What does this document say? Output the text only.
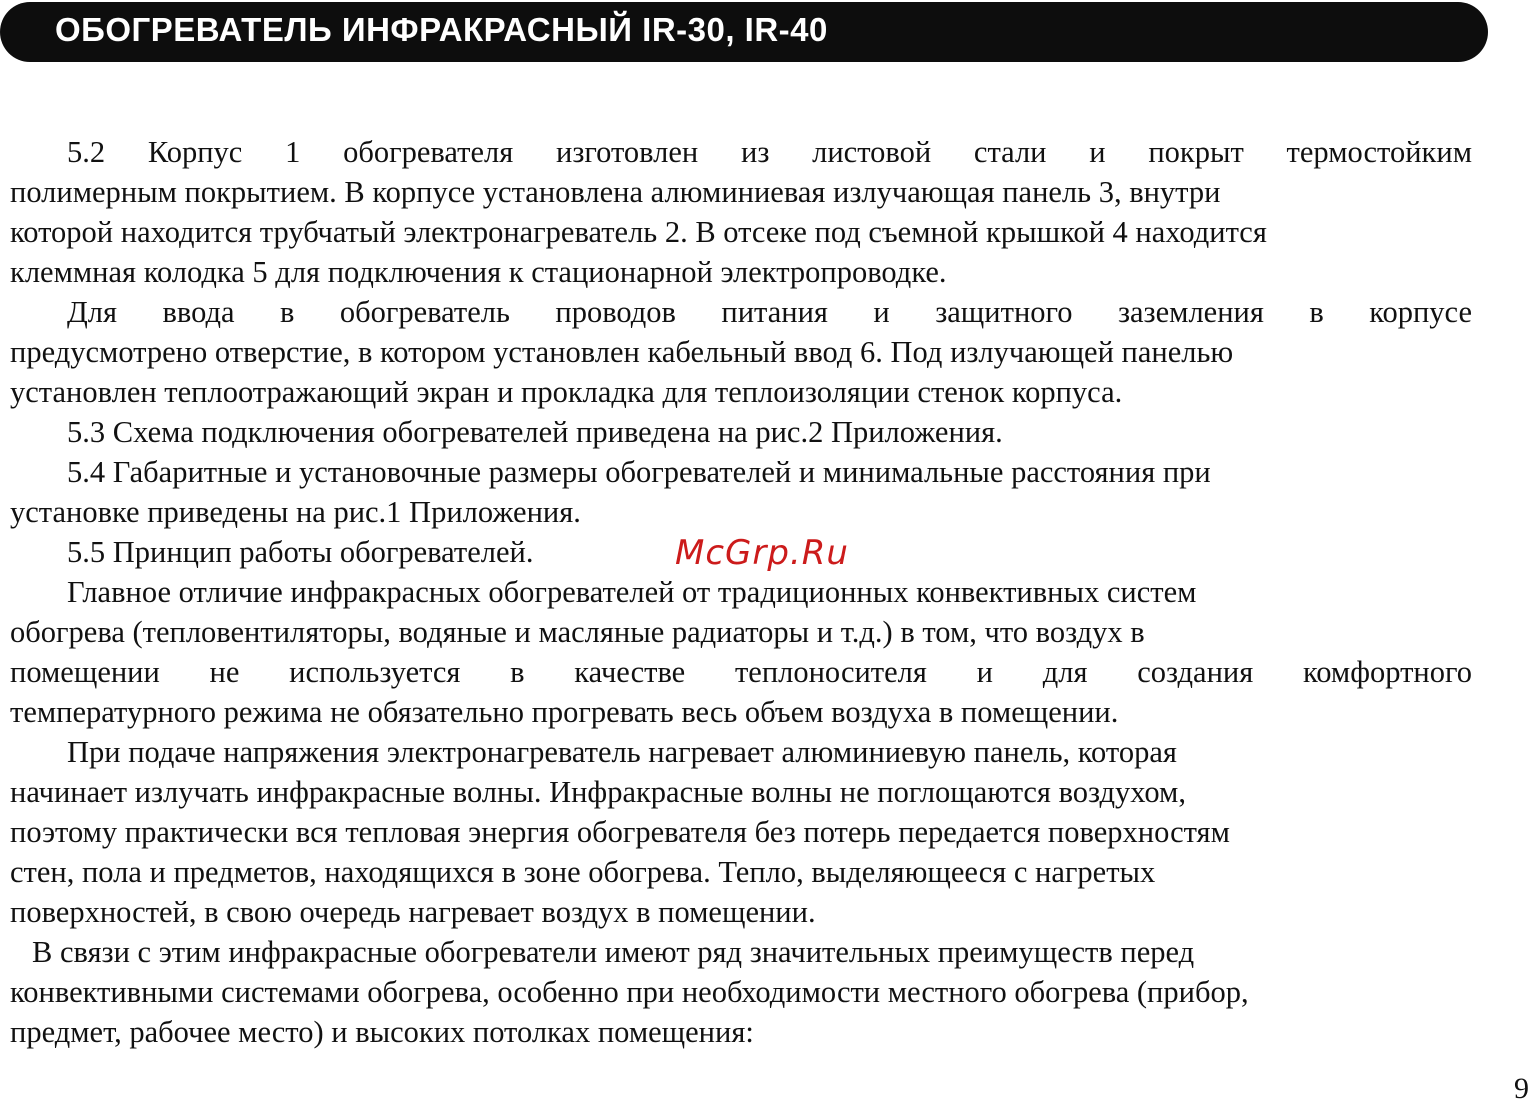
ОБОГРЕВАТЕЛЬ ИНФРАКРАСНЫЙ IR-30, IR-40
5.2 Корпус 1 обогревателя изготовлен из листовой стали и покрыт термостойким
полимерным покрытием. В корпусе установлена алюминиевая излучающая панель 3, внутри
которой находится трубчатый электронагреватель 2. В отсеке под съемной крышкой 4 находится
клеммная колодка 5 для подключения к стационарной электропроводке.
Для ввода в обогреватель проводов питания и защитного заземления в корпусе
предусмотрено отверстие, в котором установлен кабельный ввод 6. Под излучающей панелью
установлен теплоотражающий экран и прокладка для теплоизоляции стенок корпуса.
5.3 Схема подключения обогревателей приведена на рис.2 Приложения.
5.4 Габаритные и установочные размеры обогревателей и минимальные расстояния при
установке приведены на рис.1 Приложения.
5.5 Принцип работы обогревателей.
Главное отличие инфракрасных обогревателей от традиционных конвективных систем
обогрева (тепловентиляторы, водяные и масляные радиаторы и т.д.) в том, что воздух в
помещении не используется в качестве теплоносителя и для создания комфортного
температурного режима не обязательно прогревать весь объем воздуха в помещении.
При подаче напряжения электронагреватель нагревает алюминиевую панель, которая
начинает излучать инфракрасные волны. Инфракрасные волны не поглощаются воздухом,
поэтому практически вся тепловая энергия обогревателя без потерь передается поверхностям
стен, пола и предметов, находящихся в зоне обогрева. Тепло, выделяющееся с нагретых
поверхностей, в свою очередь нагревает воздух в помещении.
В связи с этим инфракрасные обогреватели имеют ряд значительных преимуществ перед
конвективными системами обогрева, особенно при необходимости местного обогрева (прибор,
предмет, рабочее место) и высоких потолках помещения:
McGrp.Ru
9
